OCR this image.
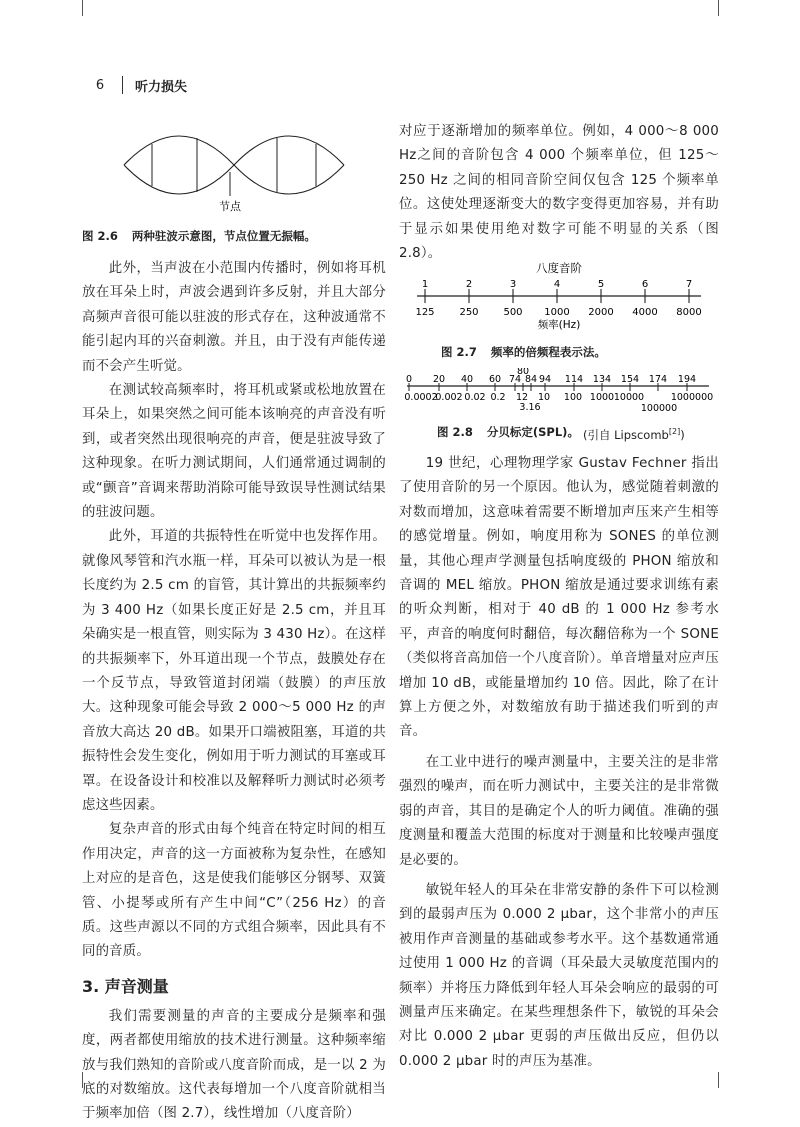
6	听力损失
节点
图 2.6 两种驻波示意图，节点位置无振幅。

此外，当声波在小范围内传播时，例如将耳机放在耳朵上时，声波会遇到许多反射，并且大部分高频声音很可能以驻波的形式存在，这种波通常不能引起内耳的兴奋刺激。并且，由于没有声能传递而不会产生听觉。

在测试较高频率时，将耳机或紧或松地放置在耳朵上，如果突然之间可能本该响亮的声音没有听到，或者突然出现很响亮的声音，便是驻波导致了这种现象。在听力测试期间，人们通常通过调制的或“颤音”音调来帮助消除可能导致误导性测试结果的驻波问题。

此外，耳道的共振特性在听觉中也发挥作用。就像风琴管和汽水瓶一样，耳朵可以被认为是一根长度约为 2.5 cm 的盲管，其计算出的共振频率约为 3 400 Hz（如果长度正好是 2.5 cm，并且耳朵确实是一根直管，则实际为 3 430 Hz）。在这样的共振频率下，外耳道出现一个节点，鼓膜处存在一个反节点，导致管道封闭端（鼓膜）的声压放大。这种现象可能会导致 2 000～5 000 Hz 的声音放大高达 20 dB。如果开口端被阻塞，耳道的共振特性会发生变化，例如用于听力测试的耳塞或耳罩。在设备设计和校准以及解释听力测试时必须考虑这些因素。

复杂声音的形式由每个纯音在特定时间的相互作用决定，声音的这一方面被称为复杂性，在感知上对应的是音色，这是使我们能够区分钢琴、双簧管、小提琴或所有产生中间“C”（256 Hz）的音质。这些声源以不同的方式组合频率，因此具有不同的音质。

3. 声音测量

我们需要测量的声音的主要成分是频率和强度，两者都使用缩放的技术进行测量。这种频率缩放与我们熟知的音阶或八度音阶而成，是一以 2 为底的对数缩放。这代表每增加一个八度音阶就相当于频率加倍（图 2.7），线性增加（八度音阶）

对应于逐渐增加的频率单位。例如，4 000～8 000 Hz之间的音阶包含 4 000 个频率单位，但 125～250 Hz 之间的相同音阶空间仅包含 125 个频率单位。这使处理逐渐变大的数字变得更加容易，并有助于显示如果使用绝对数字可能不明显的关系（图 2.8）。

八度音阶
频率(Hz)
1
125
2
250
3
500
4
1000
5
2000
6
4000
7
8000
图 2.7 频率的倍频程表示法。
0 20 40 60 74
80
84 94 114 134 154 174 194
0.0002
0.002 0.02 0.2 1 2
3.16
10 100 1000 10000
100000
1000000
图 2.8 分贝标定(SPL)。 (引自 Lipscomb[2])

19 世纪，心理物理学家 Gustav Fechner 指出了使用音阶的另一个原因。他认为，感觉随着刺激的对数而增加，这意味着需要不断增加声压来产生相等的感觉增量。例如，响度用称为 SONES 的单位测量，其他心理声学测量包括响度级的 PHON 缩放和音调的 MEL 缩放。PHON 缩放是通过要求训练有素的听众判断，相对于 40 dB 的 1 000 Hz 参考水平，声音的响度何时翻倍，每次翻倍称为一个 SONE（类似将音高加倍一个八度音阶）。单音增量对应声压增加 10 dB，或能量增加约 10 倍。因此，除了在计算上方便之外，对数缩放有助于描述我们听到的声音。

在工业中进行的噪声测量中，主要关注的是非常强烈的噪声，而在听力测试中，主要关注的是非常微弱的声音，其目的是确定个人的听力阈值。准确的强度测量和覆盖大范围的标度对于测量和比较噪声强度是必要的。

敏锐年轻人的耳朵在非常安静的条件下可以检测到的最弱声压为 0.000 2 μbar，这个非常小的声压被用作声音测量的基础或参考水平。这个基数通常通过使用 1 000 Hz 的音调（耳朵最大灵敏度范围内的频率）并将压力降低到年轻人耳朵会响应的最弱的可测量声压来确定。在某些理想条件下，敏锐的耳朵会对比 0.000 2 μbar 更弱的声压做出反应，但仍以 0.000 2 μbar 时的声压为基准。
